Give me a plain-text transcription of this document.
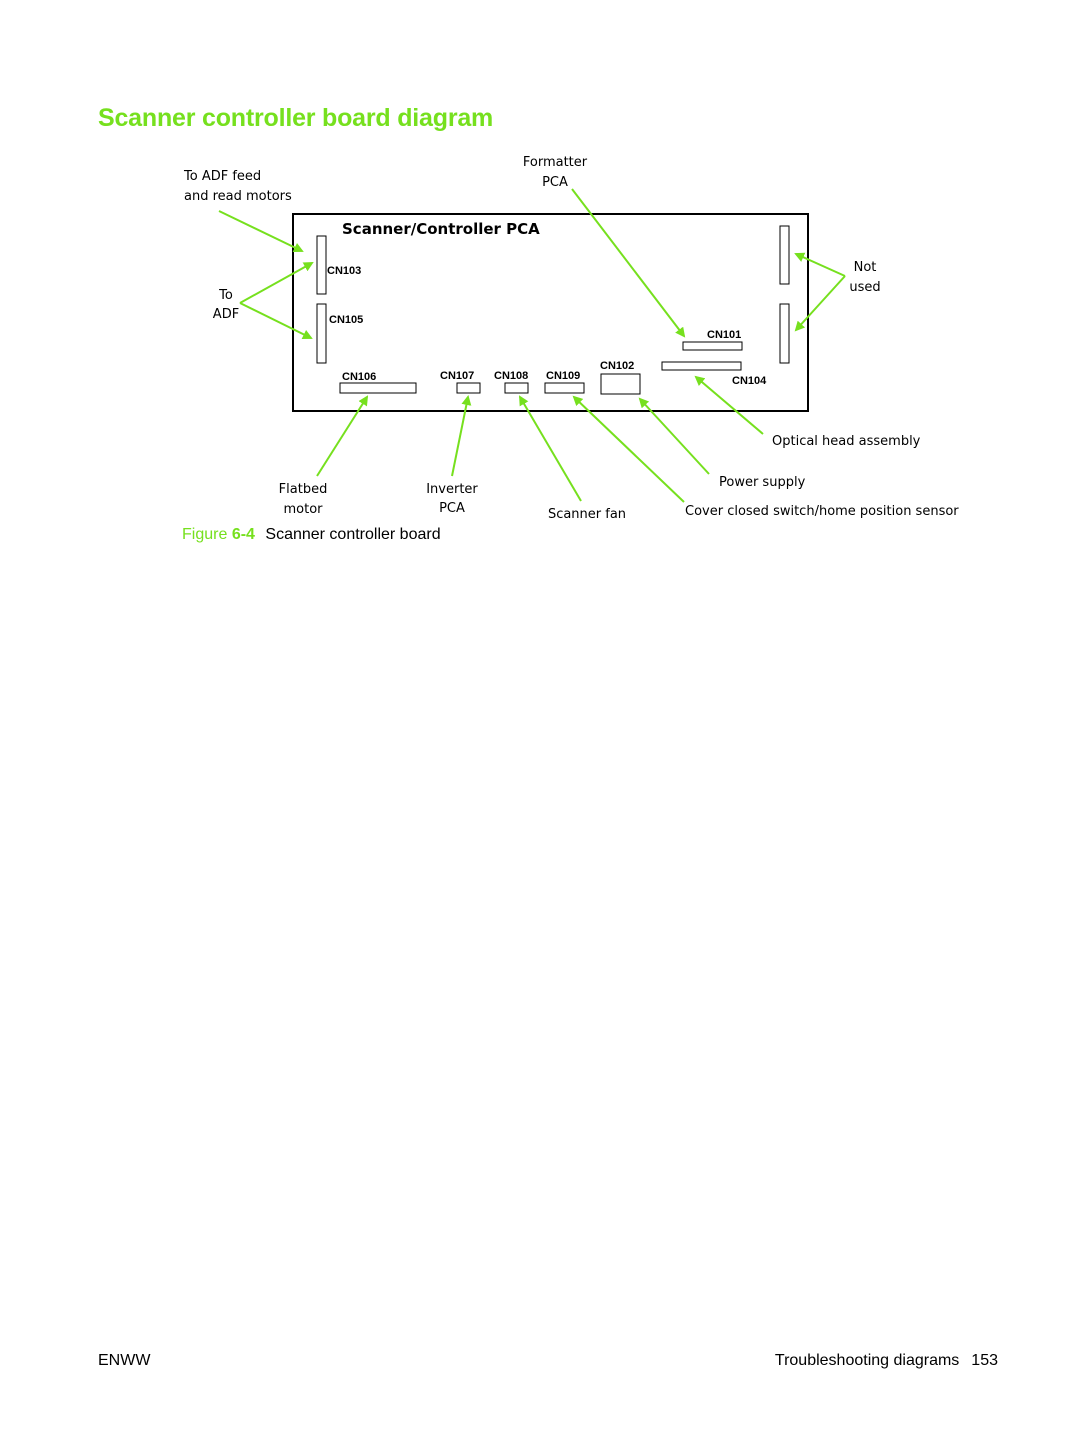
Scanner controller board diagram
Scanner/Controller PCA
CN103
CN105
CN101
CN102
CN104
CN106	CN107 CN108 CN109
To ADF feed
and read motors
To
ADF
Formatter
PCA
Not
used
Optical head assembly
Power supply
Cover closed switch/home position sensor
Flatbed
motor
Inverter
PCA	Scanner fan
Figure 6-4 Scanner controller board
ENWW	Troubleshooting diagrams 153
